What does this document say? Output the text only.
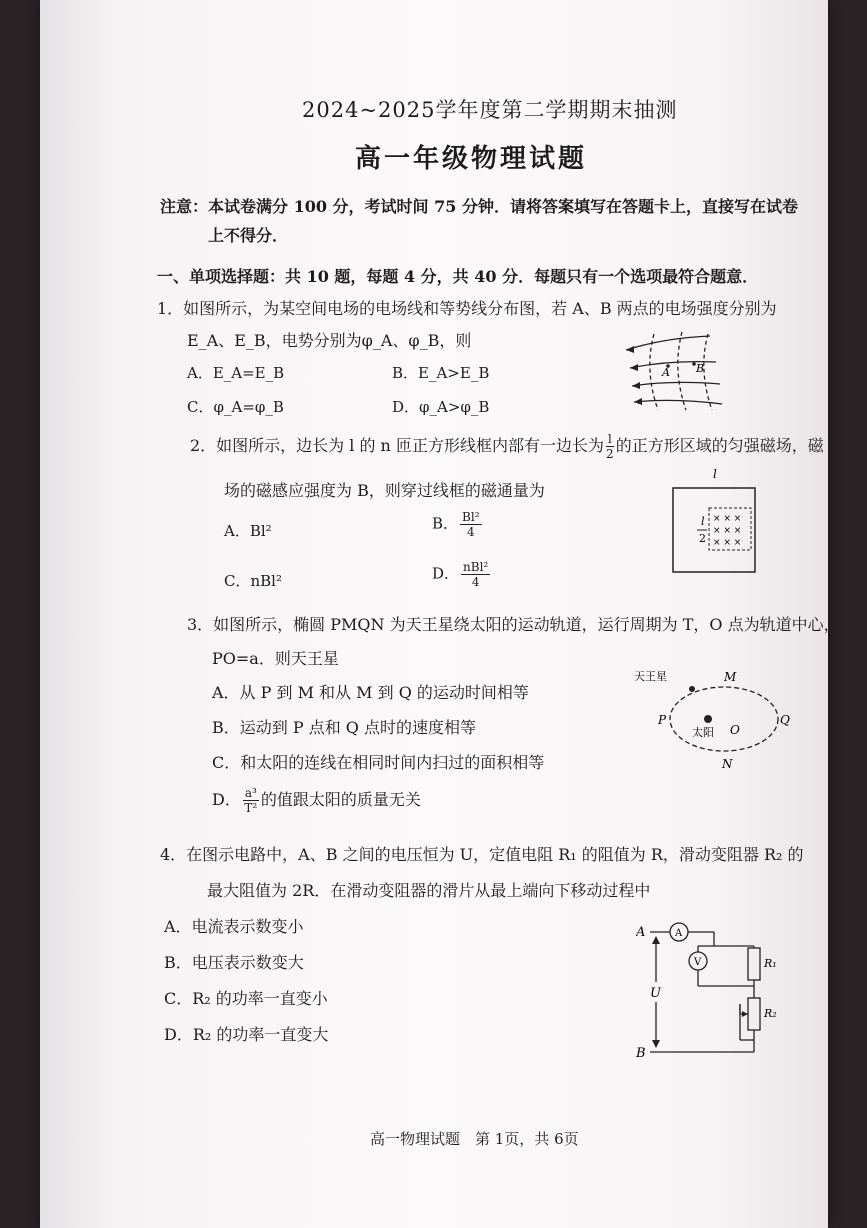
2024~2025学年度第二学期期末抽测
高一年级物理试题
注意：本试卷满分 100 分，考试时间 75 分钟．请将答案填写在答题卡上，直接写在试卷
上不得分．
一、单项选择题：共 10 题，每题 4 分，共 40 分．每题只有一个选项最符合题意．
1．如图所示，为某空间电场的电场线和等势线分布图，若 A、B 两点的电场强度分别为
E_A、E_B，电势分别为φ_A、φ_B，则
A．E_A=E_B	B．E_A>E_B
C．φ_A=φ_B	D．φ_A>φ_B
A B
2．如图所示，边长为 l 的 n 匝正方形线框内部有一边长为 $\frac{l}{2}$ 的正方形区域的匀强磁场，磁
场的磁感应强度为 B，则穿过线框的磁通量为
A．Bl²	B． $\frac{\text{Bl²}}{4}$
C．nBl²	D． $\frac{\text{nBl²}}{4}$
l
× × ×
× × ×
× × ×
l
2
3．如图所示，椭圆 PMQN 为天王星绕太阳的运动轨道，运行周期为 T，O 点为轨道中心，
PO=a．则天王星
A．从 P 到 M 和从 M 到 Q 的运动时间相等
B．运动到 P 点和 Q 点时的速度相等
C．和太阳的连线在相同时间内扫过的面积相等
D． $\frac{\text{a³}}{\text{T²}}$ 的值跟太阳的质量无关
天王星	M
P	Q
N
O
太阳
4．在图示电路中，A、B 之间的电压恒为 U，定值电阻 R₁ 的阻值为 R，滑动变阻器 R₂ 的
最大阻值为 2R．在滑动变阻器的滑片从最上端向下移动过程中
A．电流表示数变小
B．电压表示数变大
C．R₂ 的功率一直变小
D．R₂ 的功率一直变大
A
B
U
A
V	R₁
R₂
高一物理试题　第 1页，共 6页
